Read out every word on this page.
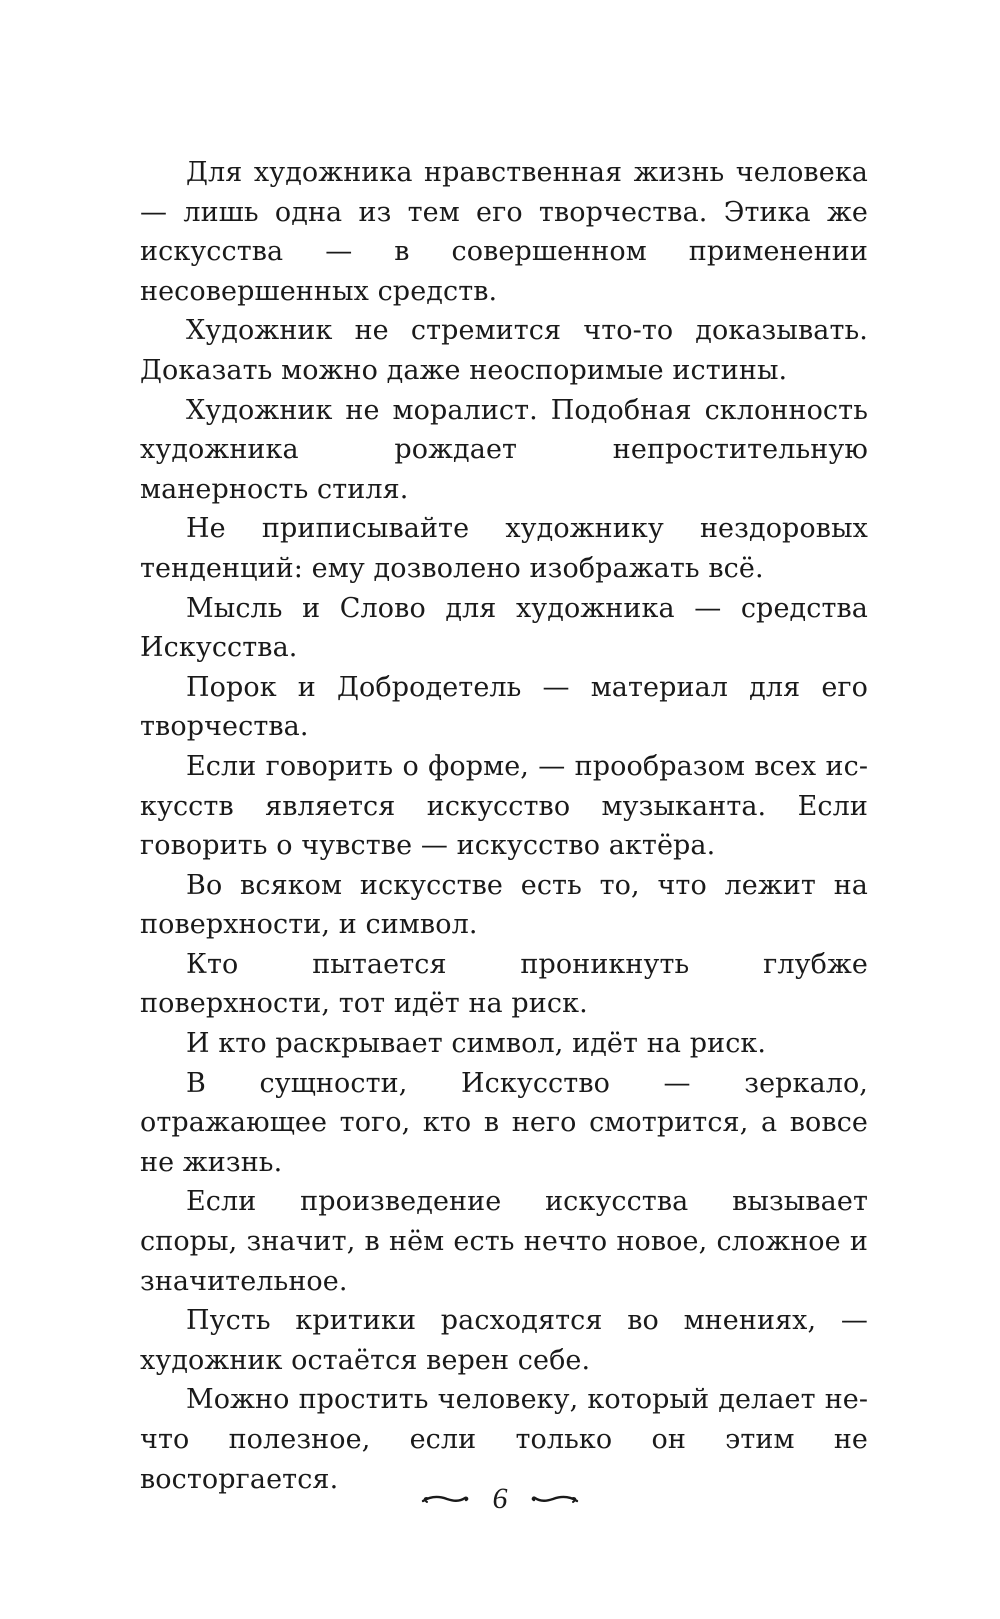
Для художника нравственная жизнь человека — лишь одна из тем его творчества. Этика же искусства — в совершенном применении несовершенных средств.

Художник не стремится что-то доказывать. Доказать можно даже неоспоримые истины.

Художник не моралист. Подобная склонность художника рождает непростительную манерность стиля.

Не приписывайте художнику нездоровых тенденций: ему дозволено изображать всё.

Мысль и Слово для художника — средства Искусства.

Порок и Добродетель — материал для его творчества.

Если говорить о форме, — прообразом всех искусств является искусство музыканта. Если говорить о чувстве — искусство актёра.

Во всяком искусстве есть то, что лежит на поверхности, и символ.

Кто пытается проникнуть глубже поверхности, тот идёт на риск.

И кто раскрывает символ, идёт на риск.

В сущности, Искусство — зеркало, отражающее того, кто в него смотрится, а вовсе не жизнь.

Если произведение искусства вызывает споры, значит, в нём есть нечто новое, сложное и значительное.

Пусть критики расходятся во мнениях, — художник остаётся верен себе.

Можно простить человеку, который делает нечто полезное, если только он этим не восторгается.

6
